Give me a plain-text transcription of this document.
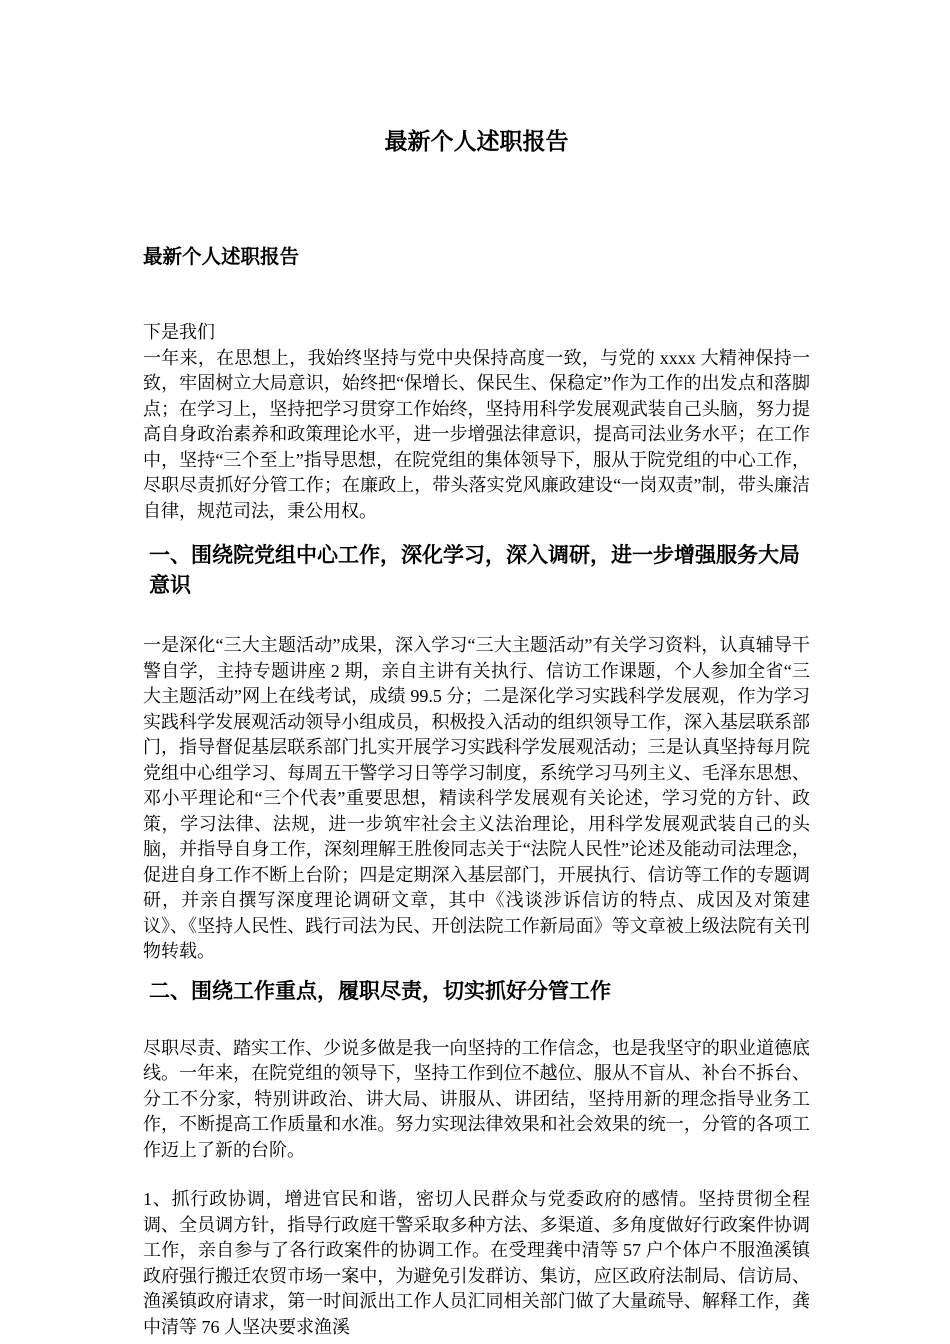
最新个人述职报告
最新个人述职报告
下是我们
一年来，在思想上，我始终坚持与党中央保持高度一致，与党的 xxxx 大精神保持一致，牢固树立大局意识，始终把“保增长、保民生、保稳定”作为工作的出发点和落脚点；在学习上，坚持把学习贯穿工作始终，坚持用科学发展观武装自己头脑，努力提高自身政治素养和政策理论水平，进一步增强法律意识，提高司法业务水平；在工作中，坚持“三个至上”指导思想，在院党组的集体领导下，服从于院党组的中心工作，尽职尽责抓好分管工作；在廉政上，带头落实党风廉政建设“一岗双责”制，带头廉洁自律，规范司法，秉公用权。
一、围绕院党组中心工作，深化学习，深入调研，进一步增强服务大局意识
一是深化“三大主题活动”成果，深入学习“三大主题活动”有关学习资料，认真辅导干警自学，主持专题讲座 2 期，亲自主讲有关执行、信访工作课题，个人参加全省“三大主题活动”网上在线考试，成绩 99.5 分；二是深化学习实践科学发展观，作为学习实践科学发展观活动领导小组成员，积极投入活动的组织领导工作，深入基层联系部门，指导督促基层联系部门扎实开展学习实践科学发展观活动；三是认真坚持每月院党组中心组学习、每周五干警学习日等学习制度，系统学习马列主义、毛泽东思想、邓小平理论和“三个代表”重要思想，精读科学发展观有关论述，学习党的方针、政策，学习法律、法规，进一步筑牢社会主义法治理论，用科学发展观武装自己的头脑，并指导自身工作，深刻理解王胜俊同志关于“法院人民性”论述及能动司法理念，促进自身工作不断上台阶；四是定期深入基层部门，开展执行、信访等工作的专题调研，并亲自撰写深度理论调研文章，其中《浅谈涉诉信访的特点、成因及对策建议》、《坚持人民性、践行司法为民、开创法院工作新局面》等文章被上级法院有关刊物转载。
二、围绕工作重点，履职尽责，切实抓好分管工作
尽职尽责、踏实工作、少说多做是我一向坚持的工作信念，也是我坚守的职业道德底线。一年来，在院党组的领导下，坚持工作到位不越位、服从不盲从、补台不拆台、分工不分家，特别讲政治、讲大局、讲服从、讲团结，坚持用新的理念指导业务工作，不断提高工作质量和水准。努力实现法律效果和社会效果的统一，分管的各项工作迈上了新的台阶。
1、抓行政协调，增进官民和谐，密切人民群众与党委政府的感情。坚持贯彻全程调、全员调方针，指导行政庭干警采取多种方法、多渠道、多角度做好行政案件协调工作，亲自参与了各行政案件的协调工作。在受理龚中清等 57 户个体户不服渔溪镇政府强行搬迁农贸市场一案中，为避免引发群访、集访，应区政府法制局、信访局、渔溪镇政府请求，第一时间派出工作人员汇同相关部门做了大量疏导、解释工作，龚中清等 76 人坚决要求渔溪
